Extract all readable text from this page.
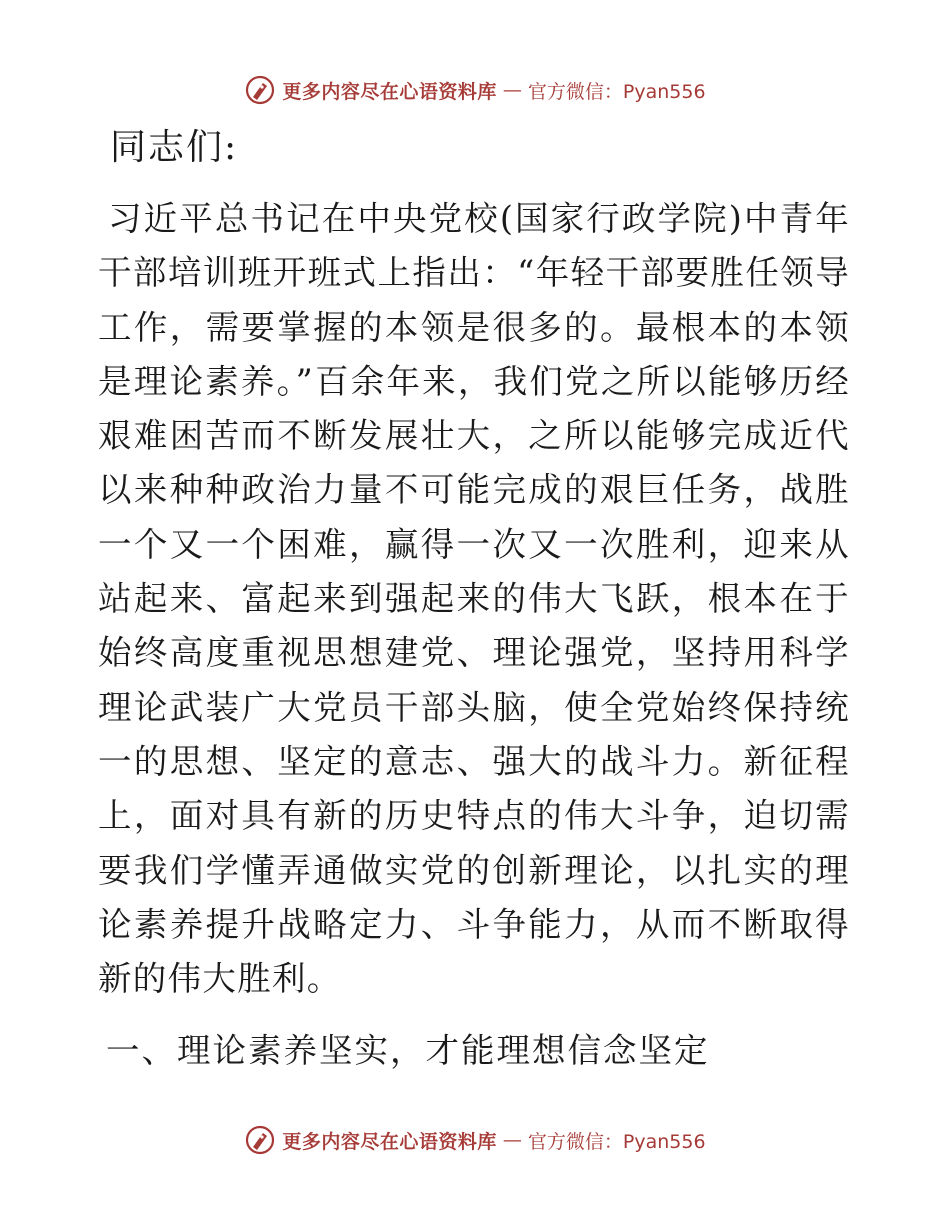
更多内容尽在心语资料库 — 官方微信：Pyan556

同志们:

习近平总书记在中央党校(国家行政学院)中青年干部培训班开班式上指出：“年轻干部要胜任领导工作，需要掌握的本领是很多的。最根本的本领是理论素养。”百余年来，我们党之所以能够历经艰难困苦而不断发展壮大，之所以能够完成近代以来种种政治力量不可能完成的艰巨任务，战胜一个又一个困难，赢得一次又一次胜利，迎来从站起来、富起来到强起来的伟大飞跃，根本在于始终高度重视思想建党、理论强党，坚持用科学理论武装广大党员干部头脑，使全党始终保持统一的思想、坚定的意志、强大的战斗力。新征程上，面对具有新的历史特点的伟大斗争，迫切需要我们学懂弄通做实党的创新理论，以扎实的理论素养提升战略定力、斗争能力，从而不断取得新的伟大胜利。

一、理论素养坚实，才能理想信念坚定

更多内容尽在心语资料库 — 官方微信：Pyan556
